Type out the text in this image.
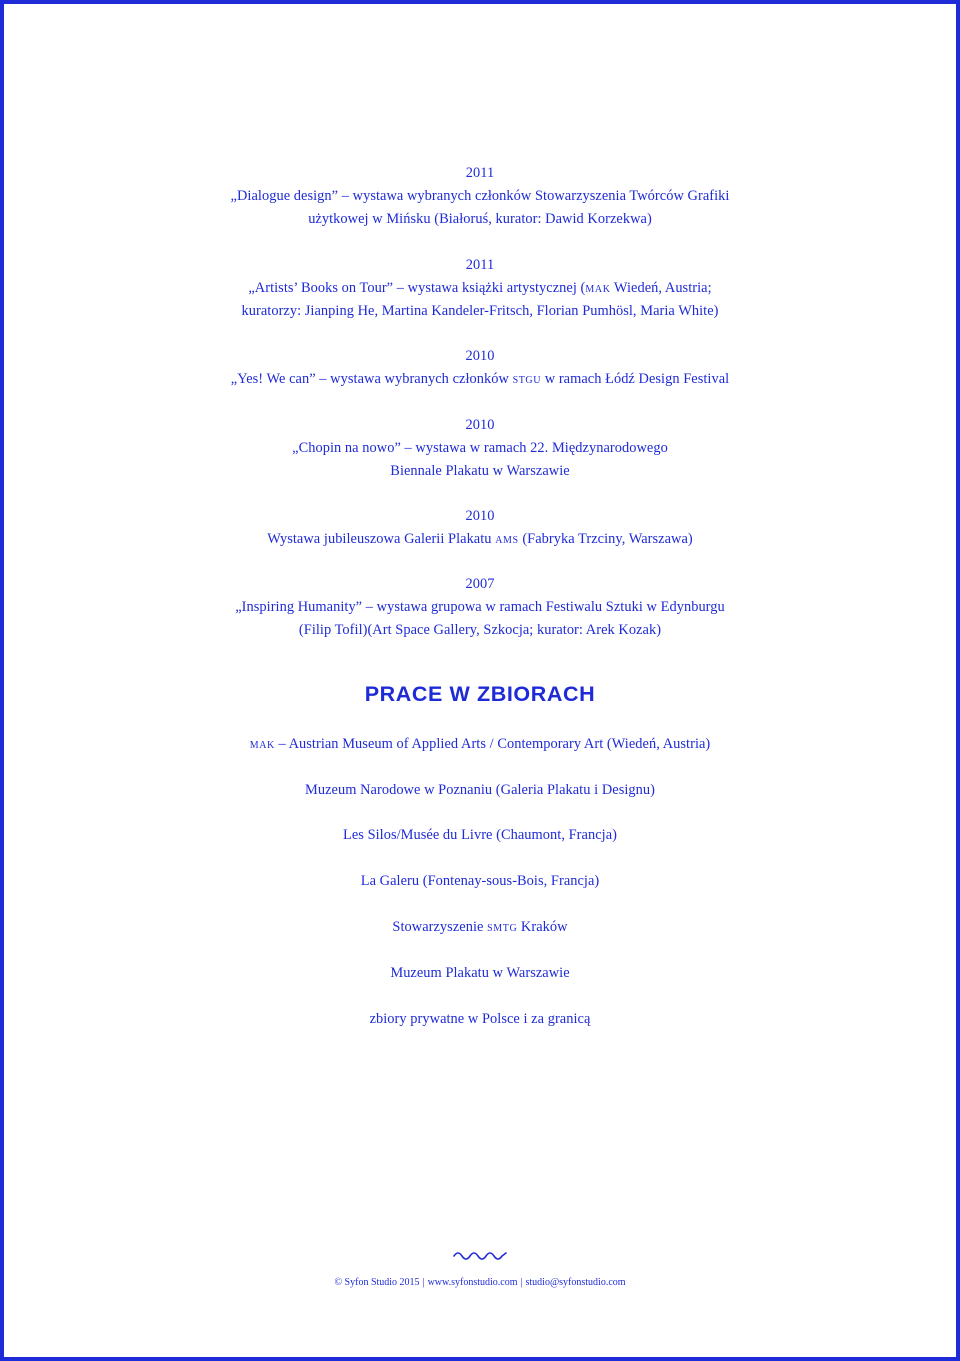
2011
„Dialogue design” – wystawa wybranych członków Stowarzyszenia Twórców Grafiki
użytkowej w Mińsku (Białoruś, kurator: Dawid Korzekwa)
2011
„Artists’ Books on Tour” – wystawa książki artystycznej (mak Wiedeń, Austria;
kuratorzy: Jianping He, Martina Kandeler-Fritsch, Florian Pumhösl, Maria White)
2010
„Yes! We can” – wystawa wybranych członków stgu w ramach Łódź Design Festival
2010
„Chopin na nowo” – wystawa w ramach 22. Międzynarodowego
Biennale Plakatu w Warszawie
2010
Wystawa jubileuszowa Galerii Plakatu ams (Fabryka Trzciny, Warszawa)
2007
„Inspiring Humanity” – wystawa grupowa w ramach Festiwalu Sztuki w Edynburgu
(Filip Tofil)(Art Space Gallery, Szkocja; kurator: Arek Kozak)
PRACE W ZBIORACH
mak – Austrian Museum of Applied Arts / Contemporary Art (Wiedeń, Austria)
Muzeum Narodowe w Poznaniu (Galeria Plakatu i Designu)
Les Silos/Musée du Livre (Chaumont, Francja)
La Galeru (Fontenay-sous-Bois, Francja)
Stowarzyszenie smtg Kraków
Muzeum Plakatu w Warszawie
zbiory prywatne w Polsce i za granicą
© Syfon Studio 2015 | www.syfonstudio.com | studio@syfonstudio.com
